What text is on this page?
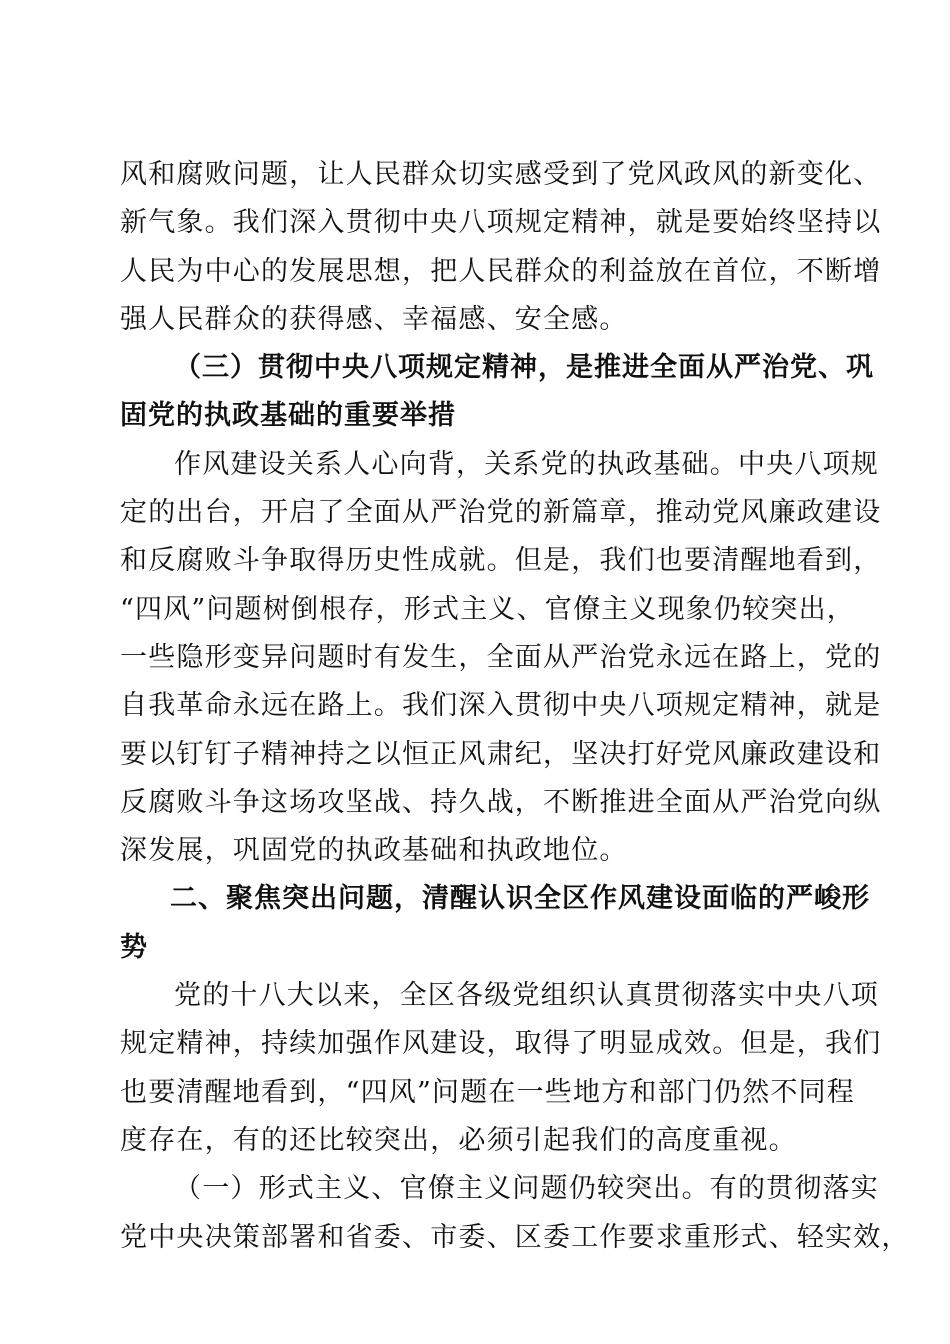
风和腐败问题，让人民群众切实感受到了党风政风的新变化、
新气象。我们深入贯彻中央八项规定精神，就是要始终坚持以
人民为中心的发展思想，把人民群众的利益放在首位，不断增
强人民群众的获得感、幸福感、安全感。
（三）贯彻中央八项规定精神，是推进全面从严治党、巩
固党的执政基础的重要举措
作风建设关系人心向背，关系党的执政基础。中央八项规
定的出台，开启了全面从严治党的新篇章，推动党风廉政建设
和反腐败斗争取得历史性成就。但是，我们也要清醒地看到，
“四风”问题树倒根存，形式主义、官僚主义现象仍较突出，
一些隐形变异问题时有发生，全面从严治党永远在路上，党的
自我革命永远在路上。我们深入贯彻中央八项规定精神，就是
要以钉钉子精神持之以恒正风肃纪，坚决打好党风廉政建设和
反腐败斗争这场攻坚战、持久战，不断推进全面从严治党向纵
深发展，巩固党的执政基础和执政地位。
二、聚焦突出问题，清醒认识全区作风建设面临的严峻形
势
党的十八大以来，全区各级党组织认真贯彻落实中央八项
规定精神，持续加强作风建设，取得了明显成效。但是，我们
也要清醒地看到，“四风”问题在一些地方和部门仍然不同程
度存在，有的还比较突出，必须引起我们的高度重视。
（一）形式主义、官僚主义问题仍较突出。有的贯彻落实
党中央决策部署和省委、市委、区委工作要求重形式、轻实效，
